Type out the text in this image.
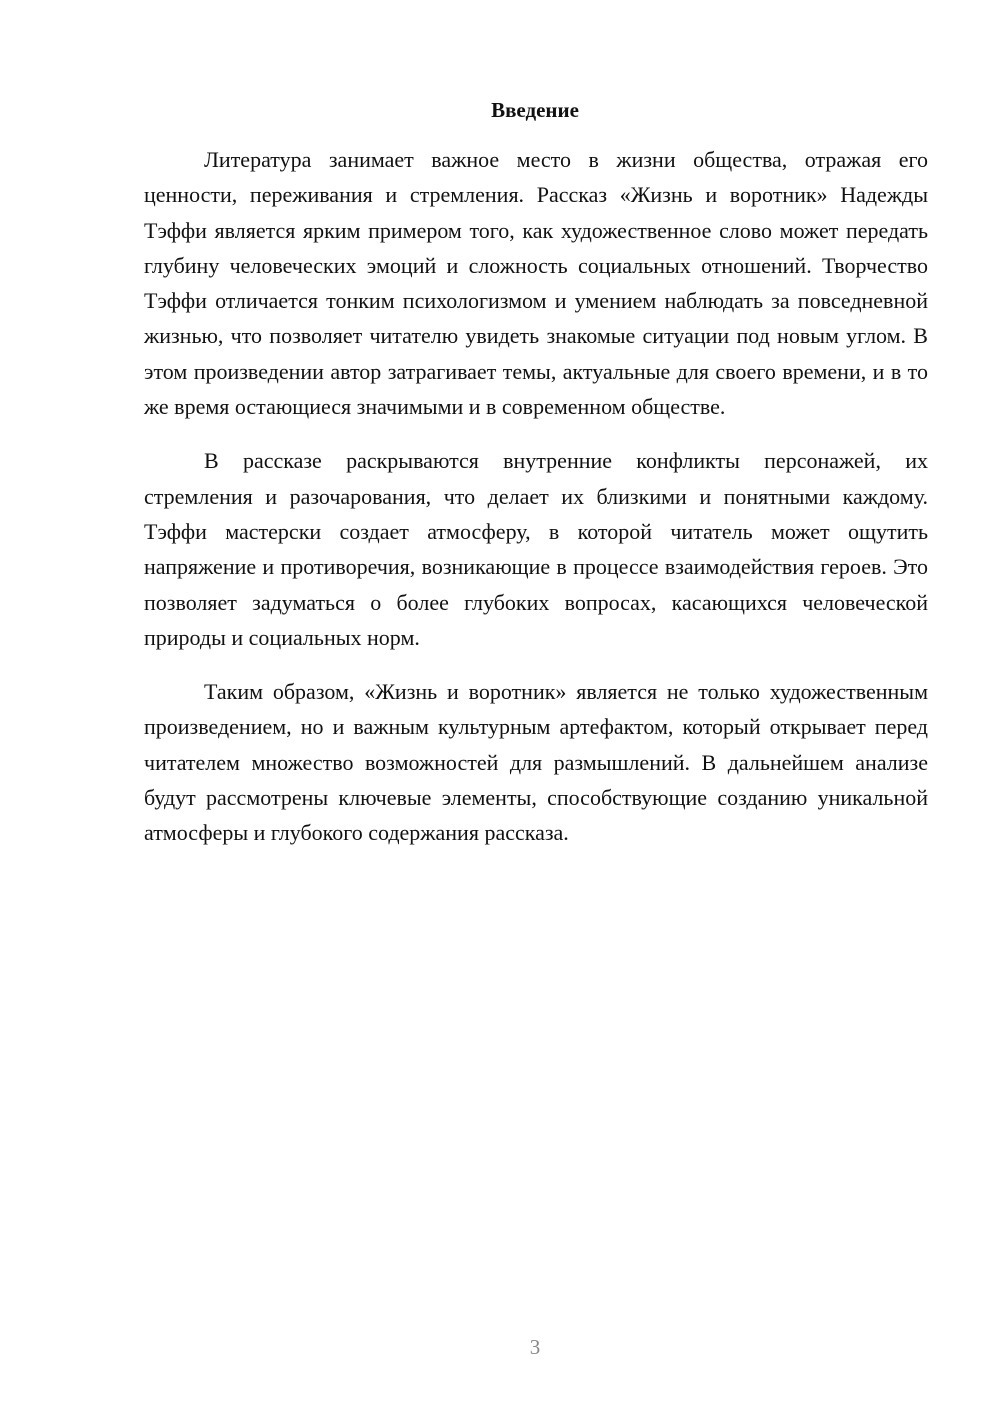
Введение

Литература занимает важное место в жизни общества, отражая его ценности, переживания и стремления. Рассказ «Жизнь и воротник» Надежды Тэффи является ярким примером того, как художественное слово может передать глубину человеческих эмоций и сложность социальных отношений. Творчество Тэффи отличается тонким психологизмом и умением наблюдать за повседневной жизнью, что позволяет читателю увидеть знакомые ситуации под новым углом. В этом произведении автор затрагивает темы, актуальные для своего времени, и в то же время остающиеся значимыми и в современном обществе.

В рассказе раскрываются внутренние конфликты персонажей, их стремления и разочарования, что делает их близкими и понятными каждому. Тэффи мастерски создает атмосферу, в которой читатель может ощутить напряжение и противоречия, возникающие в процессе взаимодействия героев. Это позволяет задуматься о более глубоких вопросах, касающихся человеческой природы и социальных норм.

Таким образом, «Жизнь и воротник» является не только художественным произведением, но и важным культурным артефактом, который открывает перед читателем множество возможностей для размышлений. В дальнейшем анализе будут рассмотрены ключевые элементы, способствующие созданию уникальной атмосферы и глубокого содержания рассказа.

3
